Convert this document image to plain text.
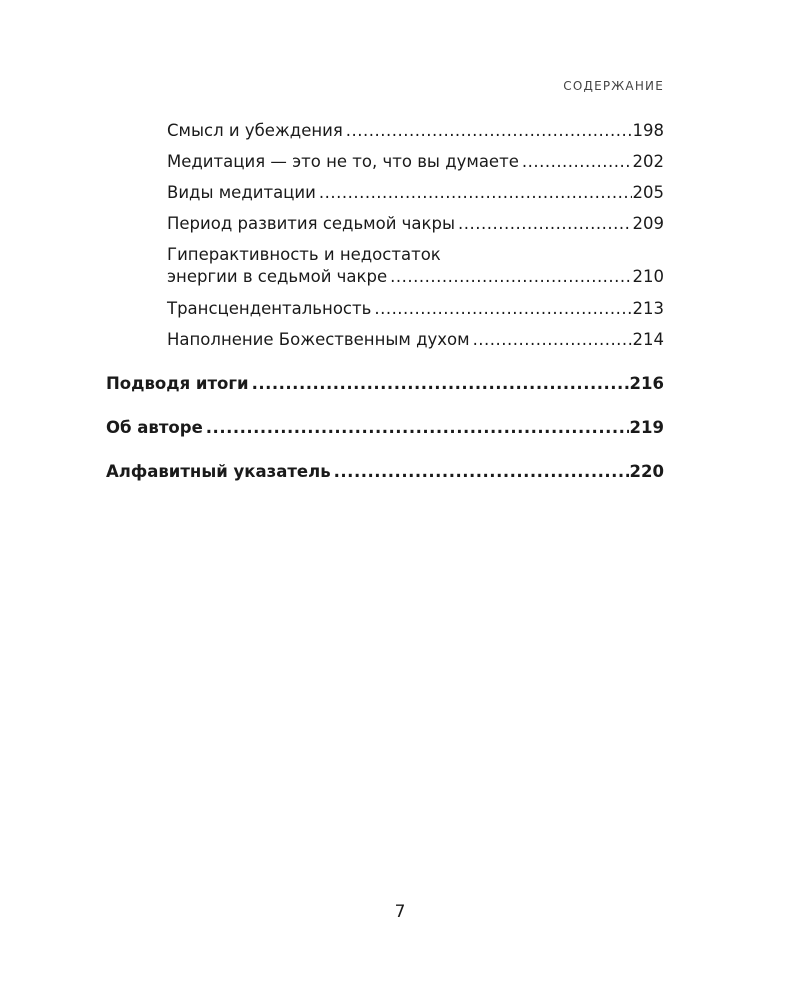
СОДЕРЖАНИЕ
Смысл и убеждения .....	198
Медитация — это не то, что вы думаете .....	202
Виды медитации .....	205
Период развития седьмой чакры .....	209
Гиперактивность и недостаток
энергии в седьмой чакре .....	210
Трансцендентальность .....	213
Наполнение Божественным духом .....	214
Подводя итоги .....	216
Об авторе .....	219
Алфавитный указатель .....	220
7
